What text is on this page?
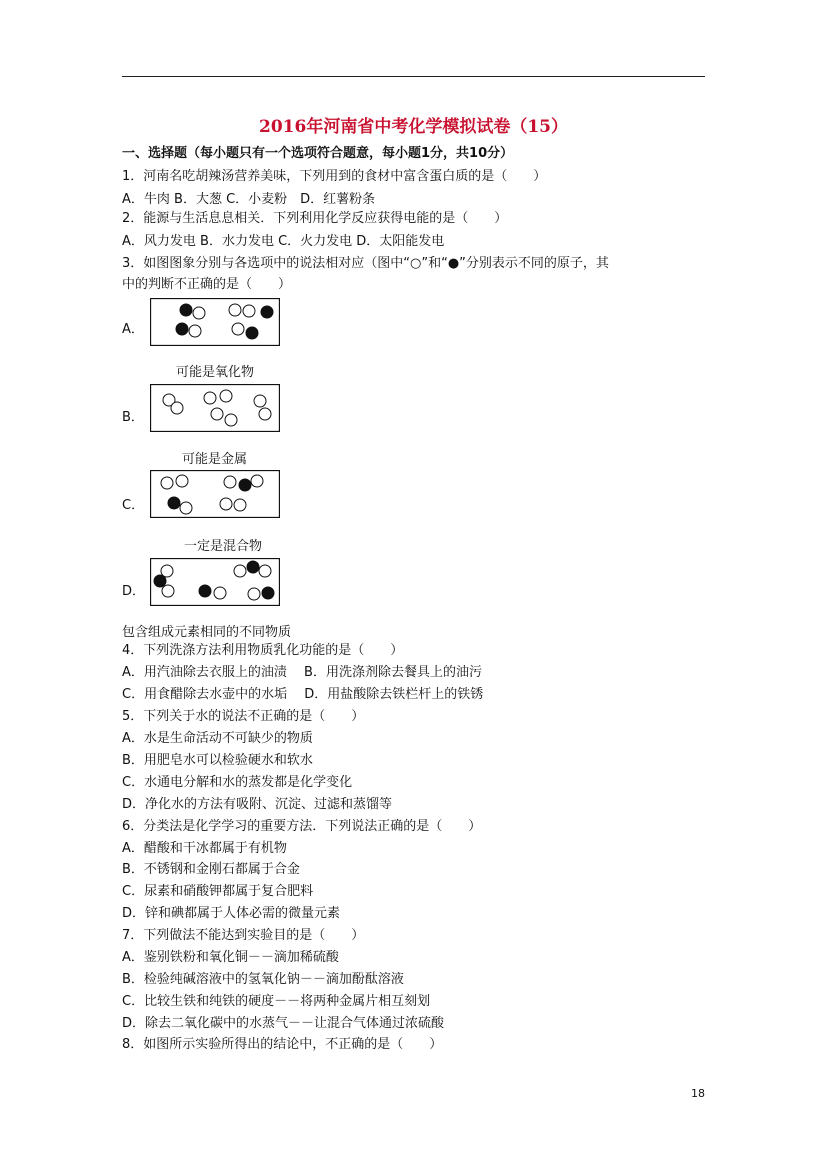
2016年河南省中考化学模拟试卷（15）
一、选择题（每小题只有一个选项符合题意，每小题1分，共10分）
1．河南名吃胡辣汤营养美味，下列用到的食材中富含蛋白质的是（　　）
A．牛肉 B．大葱 C．小麦粉　D．红薯粉条
2．能源与生活息息相关．下列利用化学反应获得电能的是（　　）
A．风力发电 B．水力发电 C．火力发电 D．太阳能发电
3．如图图象分别与各选项中的说法相对应（图中“○”和“●”分别表示不同的原子，其
中的判断不正确的是（　　）
A．
可能是氧化物
B．
可能是金属
C．
一定是混合物
D．
包含组成元素相同的不同物质
4．下列洗涤方法利用物质乳化功能的是（　　）
A．用汽油除去衣服上的油渍　 B．用洗涤剂除去餐具上的油污
C．用食醋除去水壶中的水垢　 D．用盐酸除去铁栏杆上的铁锈
5．下列关于水的说法不正确的是（　　）
A．水是生命活动不可缺少的物质
B．用肥皂水可以检验硬水和软水
C．水通电分解和水的蒸发都是化学变化
D．净化水的方法有吸附、沉淀、过滤和蒸馏等
6．分类法是化学学习的重要方法．下列说法正确的是（　　）
A．醋酸和干冰都属于有机物
B．不锈钢和金刚石都属于合金
C．尿素和硝酸钾都属于复合肥料
D．锌和碘都属于人体必需的微量元素
7．下列做法不能达到实验目的是（　　）
A．鉴别铁粉和氧化铜－－滴加稀硫酸
B．检验纯碱溶液中的氢氧化钠－－滴加酚酞溶液
C．比较生铁和纯铁的硬度－－将两种金属片相互刻划
D．除去二氧化碳中的水蒸气－－让混合气体通过浓硫酸
8．如图所示实验所得出的结论中，不正确的是（　　）
18
